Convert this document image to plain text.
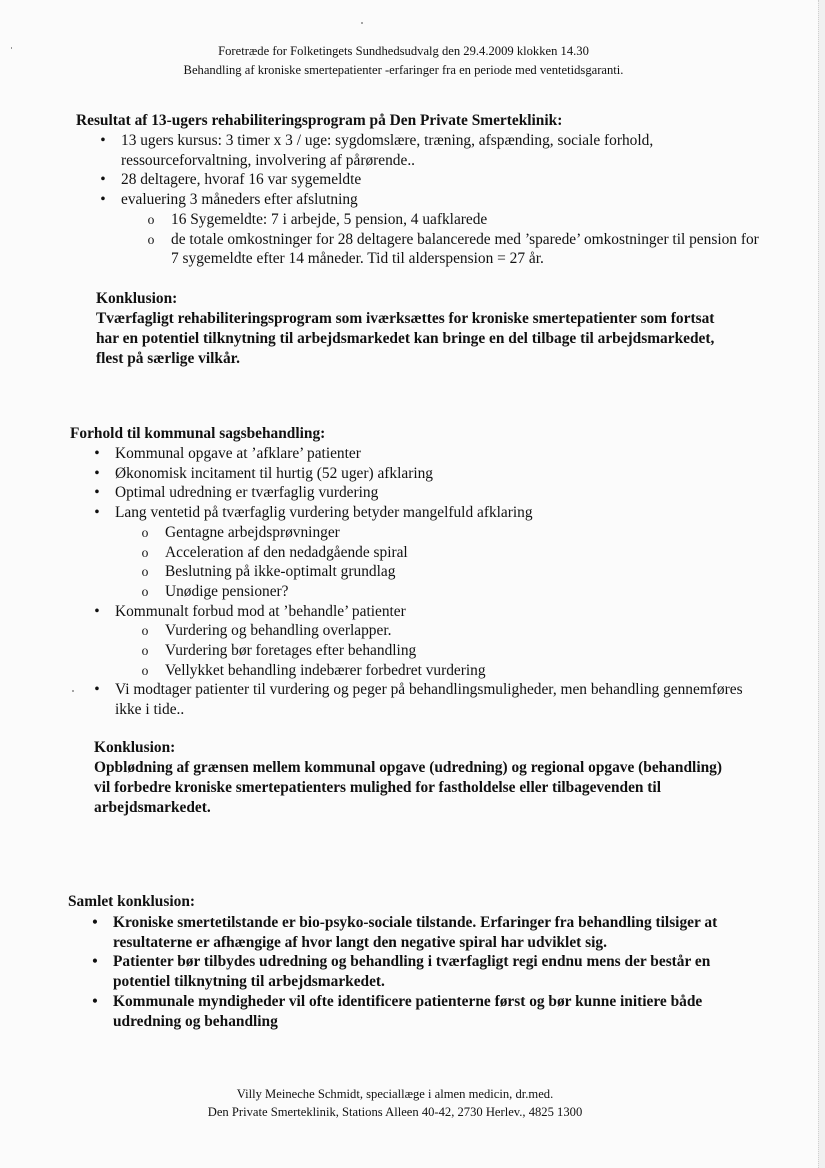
Foretræde for Folketingets Sundhedsudvalg den 29.4.2009 klokken 14.30
Behandling af kroniske smertepatienter -erfaringer fra en periode med ventetidsgaranti.
Resultat af 13-ugers rehabiliteringsprogram på Den Private Smerteklinik:
• 13 ugers kursus: 3 timer x 3 / uge: sygdomslære, træning, afspænding, sociale forhold, ressourceforvaltning, involvering af pårørende..
• 28 deltagere, hvoraf 16 var sygemeldte
• evaluering 3 måneders efter afslutning
o 16 Sygemeldte: 7 i arbejde, 5 pension, 4 uafklarede
o de totale omkostninger for 28 deltagere balancerede med ’sparede’ omkostninger til pension for 7 sygemeldte efter 14 måneder. Tid til alderspension = 27 år.
Konklusion:
Tværfagligt rehabiliteringsprogram som iværksættes for kroniske smertepatienter som fortsat har en potentiel tilknytning til arbejdsmarkedet kan bringe en del tilbage til arbejdsmarkedet, flest på særlige vilkår.
Forhold til kommunal sagsbehandling:
• Kommunal opgave at ’afklare’ patienter
• Økonomisk incitament til hurtig (52 uger) afklaring
• Optimal udredning er tværfaglig vurdering
• Lang ventetid på tværfaglig vurdering betyder mangelfuld afklaring
o Gentagne arbejdsprøvninger
o Acceleration af den nedadgående spiral
o Beslutning på ikke-optimalt grundlag
o Unødige pensioner?
• Kommunalt forbud mod at ’behandle’ patienter
o Vurdering og behandling overlapper.
o Vurdering bør foretages efter behandling
o Vellykket behandling indebærer forbedret vurdering
• Vi modtager patienter til vurdering og peger på behandlingsmuligheder, men behandling gennemføres ikke i tide..
Konklusion:
Opblødning af grænsen mellem kommunal opgave (udredning) og regional opgave (behandling) vil forbedre kroniske smertepatienters mulighed for fastholdelse eller tilbagevenden til arbejdsmarkedet.
Samlet konklusion:
• Kroniske smertetilstande er bio-psyko-sociale tilstande. Erfaringer fra behandling tilsiger at resultaterne er afhængige af hvor langt den negative spiral har udviklet sig.
• Patienter bør tilbydes udredning og behandling i tværfagligt regi endnu mens der består en potentiel tilknytning til arbejdsmarkedet.
• Kommunale myndigheder vil ofte identificere patienterne først og bør kunne initiere både udredning og behandling
Villy Meineche Schmidt, speciallæge i almen medicin, dr.med.
Den Private Smerteklinik, Stations Alleen 40-42, 2730 Herlev., 4825 1300
